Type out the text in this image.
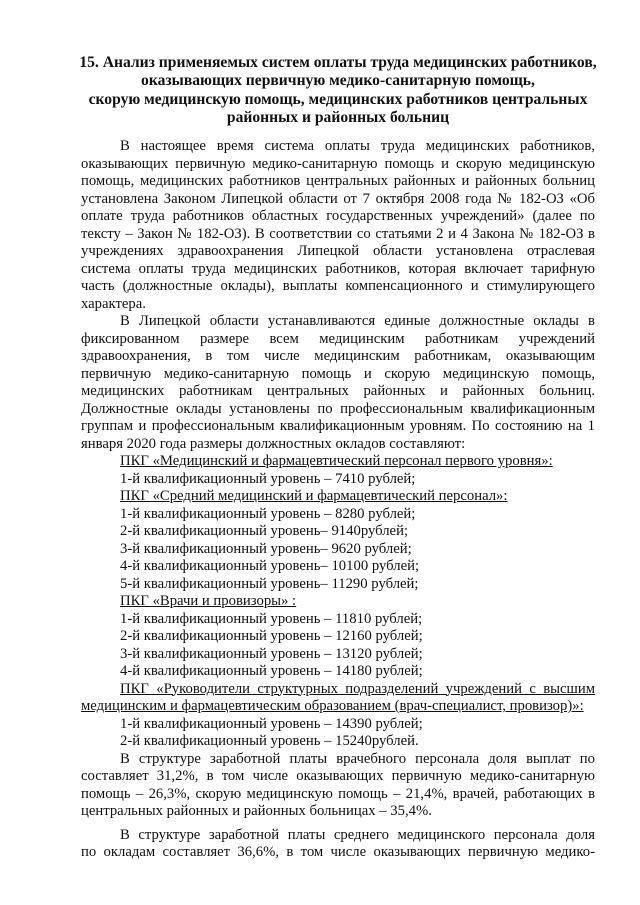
15. Анализ применяемых систем оплаты труда медицинских работников,
оказывающих первичную медико-санитарную помощь,
скорую медицинскую помощь, медицинских работников центральных
районных и районных больниц
В настоящее время система оплаты труда медицинских работников,
оказывающих первичную медико-санитарную помощь и скорую медицинскую
помощь, медицинских работников центральных районных и районных больниц
установлена Законом Липецкой области от 7 октября 2008 года № 182-ОЗ «Об
оплате труда работников областных государственных учреждений» (далее по
тексту – Закон № 182-ОЗ). В соответствии со статьями 2 и 4 Закона № 182-ОЗ в
учреждениях здравоохранения Липецкой области установлена отраслевая
система оплаты труда медицинских работников, которая включает тарифную
часть (должностные оклады), выплаты компенсационного и стимулирующего
характера.
В Липецкой области устанавливаются единые должностные оклады в
фиксированном размере всем медицинским работникам учреждений
здравоохранения, в том числе медицинским работникам, оказывающим
первичную медико-санитарную помощь и скорую медицинскую помощь,
медицинских работникам центральных районных и районных больниц.
Должностные оклады установлены по профессиональным квалификационным
группам и профессиональным квалификационным уровням. По состоянию на 1
января 2020 года размеры должностных окладов составляют:
ПКГ «Медицинский и фармацевтический персонал первого уровня»:
1-й квалификационный уровень – 7410 рублей;
ПКГ «Средний медицинский и фармацевтический персонал»:
1-й квалификационный уровень – 8280 рублей;
2-й квалификационный уровень– 9140рублей;
3-й квалификационный уровень– 9620 рублей;
4-й квалификационный уровень– 10100 рублей;
5-й квалификационный уровень– 11290 рублей;
ПКГ «Врачи и провизоры» :
1-й квалификационный уровень – 11810 рублей;
2-й квалификационный уровень – 12160 рублей;
3-й квалификационный уровень – 13120 рублей;
4-й квалификационный уровень – 14180 рублей;
ПКГ «Руководители структурных подразделений учреждений с высшим
медицинским и фармацевтическим образованием (врач-специалист, провизор)»:
1-й квалификационный уровень – 14390 рублей;
2-й квалификационный уровень – 15240рублей.
В структуре заработной платы врачебного персонала доля выплат по
составляет 31,2%, в том числе оказывающих первичную медико-санитарную
помощь – 26,3%, скорую медицинскую помощь – 21,4%, врачей, работающих в
центральных районных и районных больницах – 35,4%.
В структуре заработной платы среднего медицинского персонала доля
по окладам составляет 36,6%, в том числе оказывающих первичную медико-
